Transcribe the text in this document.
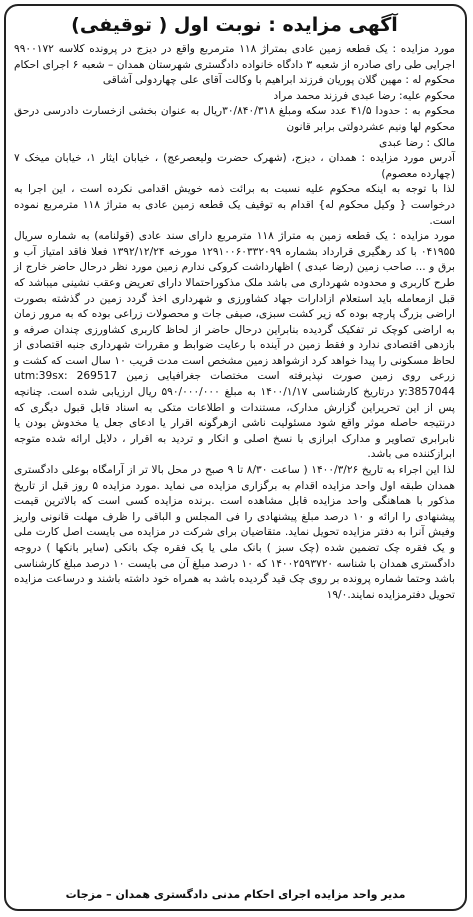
آگهی مزایده : نوبت اول ( توقیفی)

مورد مزایده : یک قطعه زمین عادی بمتراژ ۱۱۸ مترمربع واقع در دیزج در پرونده کلاسه ۹۹۰۰۱۷۲ اجرایی طی رای صادره از شعبه ۳ دادگاه خانواده دادگستری شهرستان همدان – شعبه ۶ اجرای احکام محکوم له : مهین گلان پوریان فرزند ابراهیم با وکالت آقای علی چهاردولی آشاقی

محکوم علیه: رضا عبدی فرزند محمد مراد

محکوم به : حدودا ۴۱/۵ عدد سکه ومبلغ ۳۰/۸۴۰/۳۱۸ریال به عنوان بخشی ازخسارت دادرسی درحق محکوم لها ونیم عشردولتی برابر قانون

مالک : رضا عبدی

آدرس مورد مزایده : همدان ، دیزج، (شهرک حضرت ولیعصرعج) ، خیابان ایثار ۱، خیابان میخک ۷ (چهارده معصوم)

لذا با توجه به اینکه محکوم علیه نسبت به برائت ذمه خویش اقدامی نکرده است ، این اجرا به درخواست { وکیل محکوم له} اقدام به توقیف یک قطعه زمین عادی به متراژ ۱۱۸ مترمربع نموده است.

مورد مزایده : یک قطعه زمین به متراژ ۱۱۸ مترمربع دارای سند عادی (قولنامه) به شماره سریال ۰۴۱۹۵۵ با کد رهگیری قرارداد بشماره ۱۲۹۱۰۰۶۰۳۳۲۰۹۹ مورخه ۱۳۹۲/۱۲/۲۴ فعلا فاقد امتیاز آب و برق و ... صاحب زمین (رضا عبدی ) اظهارداشت کروکی ندارم زمین مورد نظر درحال حاضر خارج از طرح کاربری و محدوده شهرداری می باشد ملک مذکوراحتمالا دارای تعریض وعقب نشینی میباشد که قبل ازمعامله باید استعلام ازادارات جهاد کشاورزی و شهرداری اخذ گردد زمین در گذشته بصورت اراضی بزرگ پارچه بوده که زیر کشت سبزی، صیفی جات و محصولات زراعی بوده که به مرور زمان به اراضی کوچک تر تفکیک گردیده بنابراین درحال حاضر از لحاظ کاربری کشاورزی چندان صرفه و بازدهی اقتصادی ندارد و فقط زمین در آینده با رعایت ضوابط و مقررات شهرداری جنبه اقتصادی از لحاظ مسکونی را پیدا خواهد کرد ازشواهد زمین مشخص است مدت قریب ۱۰ سال است که کشت و زرعی روی زمین صورت نپذیرفته است مختصات جغرافیایی زمین utm:39sx: 269517 y:3857044 درتاریخ کارشناسی ۱۴۰۰/۱/۱۷ به مبلغ ۵۹۰/۰۰۰/۰۰۰ ریال ارزیابی شده است. چنانچه پس از این تحریراین گزارش مدارک، مستندات و اطلاعات متکی به اسناد قابل قبول دیگری که درنتیجه حاصله موثر واقع شود مسئولیت ناشی ازهرگونه اقرار یا ادعای جعل یا مخدوش بودن یا نابرابری تصاویر و مدارک ابرازی با نسخ اصلی و انکار و تردید به اقرار ، دلایل ارائه شده متوجه ابرازکننده می باشد.

لذا این اجراء به تاریخ ۱۴۰۰/۳/۲۶ ( ساعت ۸/۳۰ تا ۹ صبح در محل بالا تر از آرامگاه بوعلی دادگستری همدان طبقه اول واحد مزایده اقدام به برگزاری مزایده می نماید .مورد مزایده ۵ روز قبل از تاریخ مذکور با هماهنگی واحد مزایده قابل مشاهده است .برنده مزایده کسی است که بالاترین قیمت پیشنهادی را ارائه و ۱۰ درصد مبلغ پیشنهادی را فی المجلس و الباقی را ظرف مهلت قانونی واریز وفیش آنرا به دفتر مزایده تحویل نماید. متقاضیان برای شرکت در مزایده می بایست اصل کارت ملی و یک فقره چک تضمین شده (چک سبز ) بانک ملی یا یک فقره چک بانکی (سایر بانکها ) دروجه دادگستری همدان با شناسه ۱۴۰۰۲۵۹۳۷۲۰ که ۱۰ درصد مبلغ آن می بایست ۱۰ درصد مبلغ کارشناسی باشد وحتما شماره پرونده بر روی چک قید گردیده باشد به همراه خود داشته باشند و درساعت مزایده تحویل دفترمزایده نمایند.۱۹/۰

مدیر واحد مزایده اجرای احکام مدنی دادگستری همدان – مزجات
